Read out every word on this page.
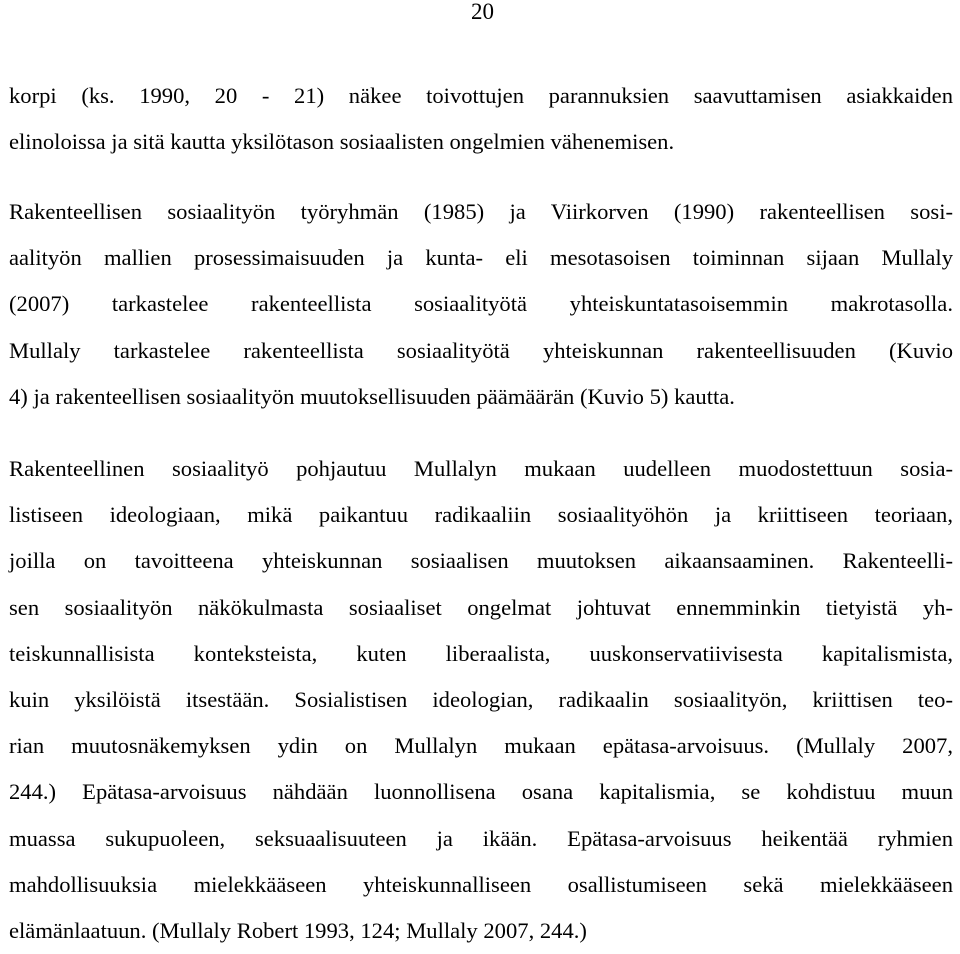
20
korpi (ks. 1990, 20 - 21) näkee toivottujen parannuksien saavuttamisen asiakkaiden
elinoloissa ja sitä kautta yksilötason sosiaalisten ongelmien vähenemisen.
Rakenteellisen sosiaalityön työryhmän (1985) ja Viirkorven (1990) rakenteellisen sosi-
aalityön mallien prosessimaisuuden ja kunta- eli mesotasoisen toiminnan sijaan Mullaly
(2007) tarkastelee rakenteellista sosiaalityötä yhteiskuntatasoisemmin makrotasolla.
Mullaly tarkastelee rakenteellista sosiaalityötä yhteiskunnan rakenteellisuuden (Kuvio
4) ja rakenteellisen sosiaalityön muutoksellisuuden päämäärän (Kuvio 5) kautta.
Rakenteellinen sosiaalityö pohjautuu Mullalyn mukaan uudelleen muodostettuun sosia-
listiseen ideologiaan, mikä paikantuu radikaaliin sosiaalityöhön ja kriittiseen teoriaan,
joilla on tavoitteena yhteiskunnan sosiaalisen muutoksen aikaansaaminen. Rakenteelli-
sen sosiaalityön näkökulmasta sosiaaliset ongelmat johtuvat ennemminkin tietyistä yh-
teiskunnallisista konteksteista, kuten liberaalista, uuskonservatiivisesta kapitalismista,
kuin yksilöistä itsestään. Sosialistisen ideologian, radikaalin sosiaalityön, kriittisen teo-
rian muutosnäkemyksen ydin on Mullalyn mukaan epätasa-arvoisuus. (Mullaly 2007,
244.) Epätasa-arvoisuus nähdään luonnollisena osana kapitalismia, se kohdistuu muun
muassa sukupuoleen, seksuaalisuuteen ja ikään. Epätasa-arvoisuus heikentää ryhmien
mahdollisuuksia mielekkääseen yhteiskunnalliseen osallistumiseen sekä mielekkääseen
elämänlaatuun. (Mullaly Robert 1993, 124; Mullaly 2007, 244.)
